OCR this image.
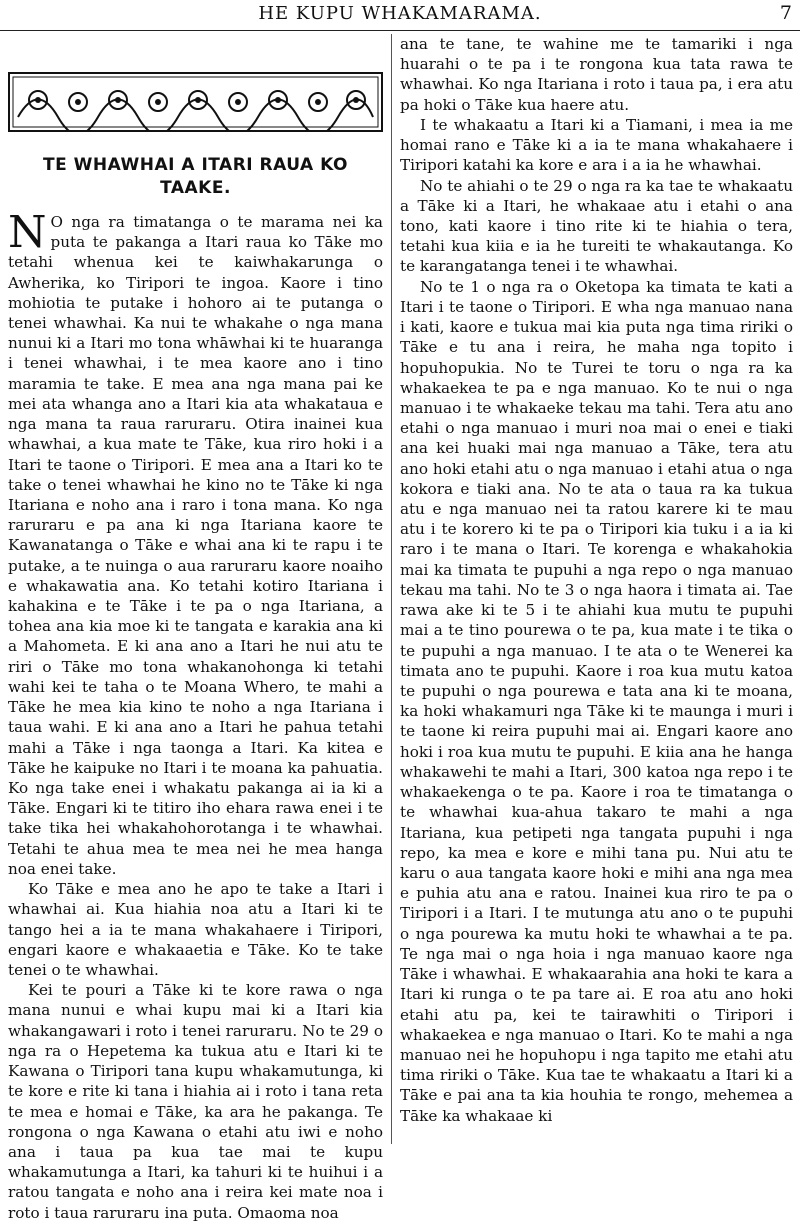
HE KUPU WHAKAMARAMA.	7
TE WHAWHAI A ITARI RAUA KO TAAKE.

N O nga ra timatanga o te marama nei ka puta te pakanga a Itari raua ko Tāke mo tetahi whenua kei te kaiwhakarunga o Awherika, ko Tiripori te ingoa. Kaore i tino mohiotia te putake i hohoro ai te putanga o tenei whawhai. Ka nui te whakahe o nga mana nunui ki a Itari mo tona whāwhai ki te huaranga i tenei whawhai, i te mea kaore ano i tino maramia te take. E mea ana nga mana pai ke mei ata whanga ano a Itari kia ata whakataua e nga mana ta raua raruraru. Otira inainei kua whawhai, a kua mate te Tāke, kua riro hoki i a Itari te taone o Tiripori. E mea ana a Itari ko te take o tenei whawhai he kino no te Tāke ki nga Itariana e noho ana i raro i tona mana. Ko nga raruraru e pa ana ki nga Itariana kaore te Kawanatanga o Tāke e whai ana ki te rapu i te putake, a te nuinga o aua raruraru kaore noaiho e whakawatia ana. Ko tetahi kotiro Itariana i kahakina e te Tāke i te pa o nga Itariana, a tohea ana kia moe ki te tangata e karakia ana ki a Mahometa. E ki ana ano a Itari he nui atu te riri o Tāke mo tona whakanohonga ki tetahi wahi kei te taha o te Moana Whero, te mahi a Tāke he mea kia kino te noho a nga Itariana i taua wahi. E ki ana ano a Itari he pahua tetahi mahi a Tāke i nga taonga a Itari. Ka kitea e Tāke he kaipuke no Itari i te moana ka pahuatia. Ko nga take enei i whakatu pakanga ai ia ki a Tāke. Engari ki te titiro iho ehara rawa enei i te take tika hei whakahohorotanga i te whawhai. Tetahi te ahua mea te mea nei he mea hanga noa enei take.

Ko Tāke e mea ano he apo te take a Itari i whawhai ai. Kua hiahia noa atu a Itari ki te tango hei a ia te mana whakahaere i Tiripori, engari kaore e whakaaetia e Tāke. Ko te take tenei o te whawhai.

Kei te pouri a Tāke ki te kore rawa o nga mana nunui e whai kupu mai ki a Itari kia whakangawari i roto i tenei raruraru. No te 29 o nga ra o Hepetema ka tukua atu e Itari ki te Kawana o Tiripori tana kupu whakamutunga, ki te kore e rite ki tana i hiahia ai i roto i tana reta te mea e homai e Tāke, ka ara he pakanga. Te rongona o nga Kawana o etahi atu iwi e noho ana i taua pa kua tae mai te kupu whakamutunga a Itari, ka tahuri ki te huihui i a ratou tangata e noho ana i reira kei mate noa i roto i taua raruraru ina puta. Omaoma noa

ana te tane, te wahine me te tamariki i nga huarahi o te pa i te rongona kua tata rawa te whawhai. Ko nga Itariana i roto i taua pa, i era atu pa hoki o Tāke kua haere atu.

I te whakaatu a Itari ki a Tiamani, i mea ia me homai rano e Tāke ki a ia te mana whakahaere i Tiripori katahi ka kore e ara i a ia he whawhai.

No te ahiahi o te 29 o nga ra ka tae te whakaatu a Tāke ki a Itari, he whakaae atu i etahi o ana tono, kati kaore i tino rite ki te hiahia o tera, tetahi kua kiia e ia he tureiti te whakautanga. Ko te karangatanga tenei i te whawhai.

No te 1 o nga ra o Oketopa ka timata te kati a Itari i te taone o Tiripori. E wha nga manuao nana i kati, kaore e tukua mai kia puta nga tima ririki o Tāke e tu ana i reira, he maha nga topito i hopuhopukia. No te Turei te toru o nga ra ka whakaekea te pa e nga manuao. Ko te nui o nga manuao i te whakaeke tekau ma tahi. Tera atu ano etahi o nga manuao i muri noa mai o enei e tiaki ana kei huaki mai nga manuao a Tāke, tera atu ano hoki etahi atu o nga manuao i etahi atua o nga kokora e tiaki ana. No te ata o taua ra ka tukua atu e nga manuao nei ta ratou karere ki te mau atu i te korero ki te pa o Tiripori kia tuku i a ia ki raro i te mana o Itari. Te korenga e whakahokia mai ka timata te pupuhi a nga repo o nga manuao tekau ma tahi. No te 3 o nga haora i timata ai. Tae rawa ake ki te 5 i te ahiahi kua mutu te pupuhi mai a te tino pourewa o te pa, kua mate i te tika o te pupuhi a nga manuao. I te ata o te Wenerei ka timata ano te pupuhi. Kaore i roa kua mutu katoa te pupuhi o nga pourewa e tata ana ki te moana, ka hoki whakamuri nga Tāke ki te maunga i muri i te taone ki reira pupuhi mai ai. Engari kaore ano hoki i roa kua mutu te pupuhi. E kiia ana he hanga whakawehi te mahi a Itari, 300 katoa nga repo i te whakaekenga o te pa. Kaore i roa te timatanga o te whawhai kua-ahua takaro te mahi a nga Itariana, kua petipeti nga tangata pupuhi i nga repo, ka mea e kore e mihi tana pu. Nui atu te karu o aua tangata kaore hoki e mihi ana nga mea e puhia atu ana e ratou. Inainei kua riro te pa o Tiripori i a Itari. I te mutunga atu ano o te pupuhi o nga pourewa ka mutu hoki te whawhai a te pa. Te nga mai o nga hoia i nga manuao kaore nga Tāke i whawhai. E whakaarahia ana hoki te kara a Itari ki runga o te pa tare ai. E roa atu ano hoki etahi atu pa, kei te tairawhiti o Tiripori i whakaekea e nga manuao o Itari. Ko te mahi a nga manuao nei he hopuhopu i nga tapito me etahi atu tima ririki o Tāke. Kua tae te whakaatu a Itari ki a Tāke e pai ana ta kia houhia te rongo, mehemea a Tāke ka whakaae ki
